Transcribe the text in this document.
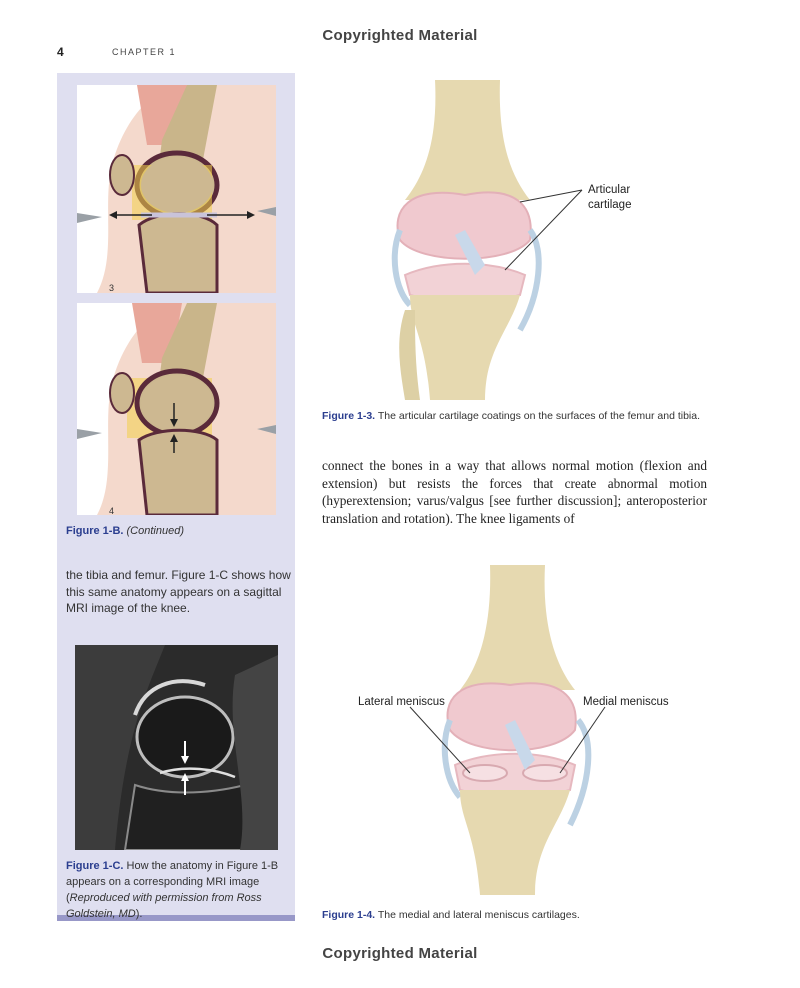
Copyrighted Material
4	CHAPTER 1
3
4
Figure 1-B. (Continued)
the tibia and femur. Figure 1-C shows how this same anatomy appears on a sagittal MRI image of the knee.
Figure 1-C. How the anatomy in Figure 1-B appears on a corresponding MRI image (Reproduced with permission from Ross Goldstein, MD).
Articular
cartilage
Figure 1-3. The articular cartilage coatings on the surfaces of the femur and tibia.
connect the bones in a way that allows normal motion (flexion and extension) but resists the forces that create abnormal motion (hyperextension; varus/valgus [see further discussion]; anteroposterior translation and rotation). The knee ligaments of
Lateral meniscus	Medial meniscus
Figure 1-4. The medial and lateral meniscus cartilages.
Copyrighted Material
